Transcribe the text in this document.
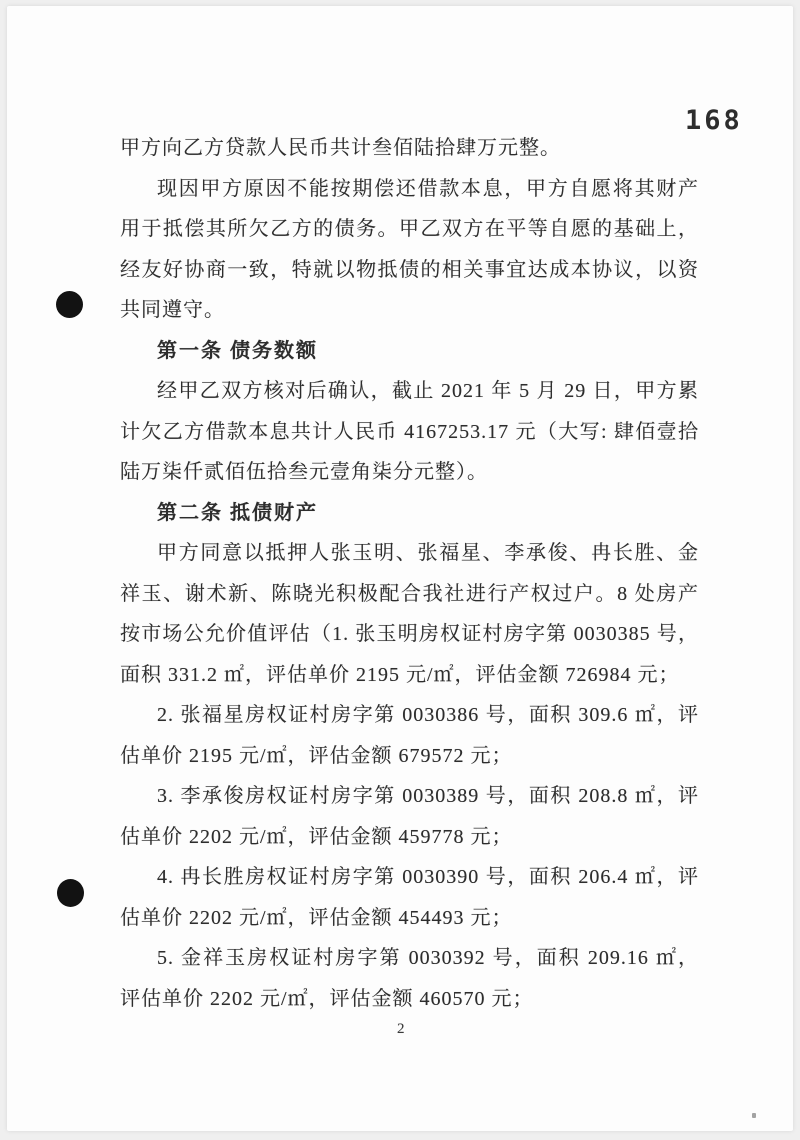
168
甲方向乙方贷款人民币共计叁佰陆拾肆万元整。
现因甲方原因不能按期偿还借款本息，甲方自愿将其财产
用于抵偿其所欠乙方的债务。甲乙双方在平等自愿的基础上，
经友好协商一致，特就以物抵债的相关事宜达成本协议，以资
共同遵守。
第一条 债务数额
经甲乙双方核对后确认，截止 2021 年 5 月 29 日，甲方累
计欠乙方借款本息共计人民币 4167253.17 元（大写: 肆佰壹拾
陆万柒仟贰佰伍拾叁元壹角柒分元整）。
第二条 抵债财产
甲方同意以抵押人张玉明、张福星、李承俊、冉长胜、金
祥玉、谢术新、陈晓光积极配合我社进行产权过户。8 处房产
按市场公允价值评估（1. 张玉明房权证村房字第 0030385 号，
面积 331.2 ㎡，评估单价 2195 元/㎡，评估金额 726984 元；
2. 张福星房权证村房字第 0030386 号，面积 309.6 ㎡，评
估单价 2195 元/㎡，评估金额 679572 元；
3. 李承俊房权证村房字第 0030389 号，面积 208.8 ㎡，评
估单价 2202 元/㎡，评估金额 459778 元；
4. 冉长胜房权证村房字第 0030390 号，面积 206.4 ㎡，评
估单价 2202 元/㎡，评估金额 454493 元；
5. 金祥玉房权证村房字第 0030392 号，面积 209.16 ㎡，
评估单价 2202 元/㎡，评估金额 460570 元；
2
